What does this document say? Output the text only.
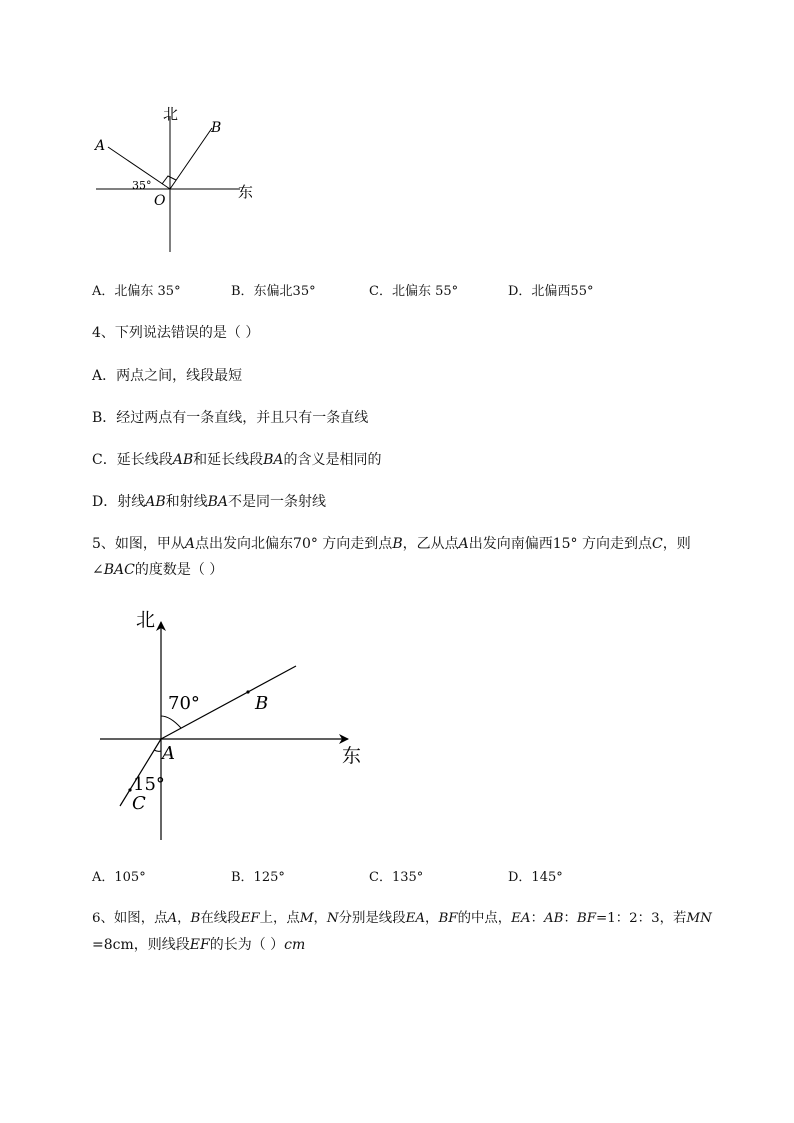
北
东
A
B
O
35°
A．北偏东 35°	B．东偏北35°	C．北偏东 55°	D．北偏西55°
4、下列说法错误的是（ ）
A．两点之间，线段最短
B．经过两点有一条直线，并且只有一条直线
C．延长线段AB和延长线段BA的含义是相同的
D．射线AB和射线BA不是同一条射线
5、如图，甲从A点出发向北偏东70° 方向走到点B，乙从点A出发向南偏西15° 方向走到点C，则
∠BAC的度数是（ ）
北
东
70°
15°
A
B
C
A．105°	B．125°	C．135°	D．145°
6、如图，点A，B在线段EF上，点M，N分别是线段EA，BF的中点，EA：AB：BF=1：2：3，若MN
=8cm，则线段EF的长为（ ）cm
